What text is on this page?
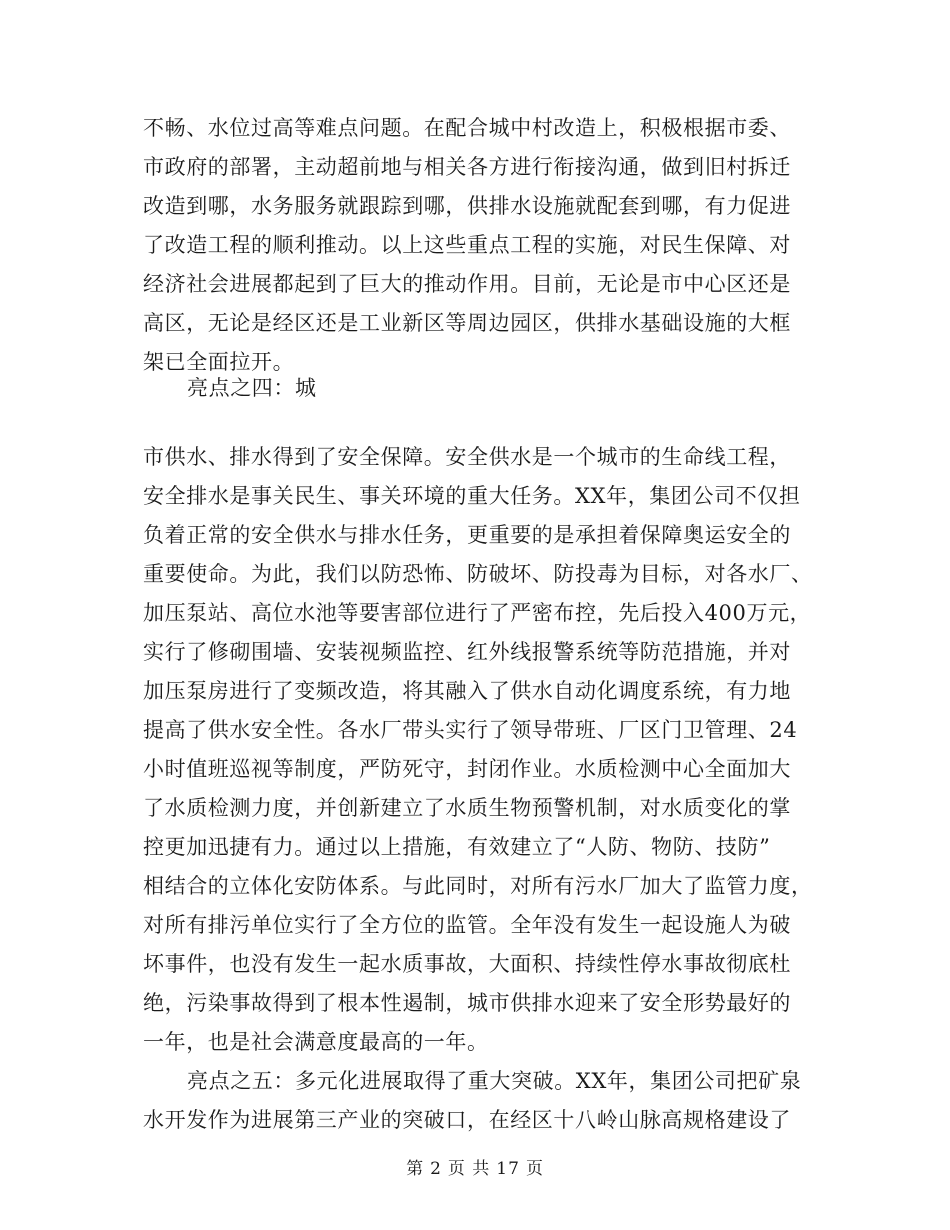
不畅、水位过高等难点问题。在配合城中村改造上，积极根据市委、
市政府的部署，主动超前地与相关各方进行衔接沟通，做到旧村拆迁
改造到哪，水务服务就跟踪到哪，供排水设施就配套到哪，有力促进
了改造工程的顺利推动。以上这些重点工程的实施，对民生保障、对
经济社会进展都起到了巨大的推动作用。目前，无论是市中心区还是
高区，无论是经区还是工业新区等周边园区，供排水基础设施的大框
架已全面拉开。
亮点之四：城
市供水、排水得到了安全保障。安全供水是一个城市的生命线工程，
安全排水是事关民生、事关环境的重大任务。XX年，集团公司不仅担
负着正常的安全供水与排水任务，更重要的是承担着保障奥运安全的
重要使命。为此，我们以防恐怖、防破坏、防投毒为目标，对各水厂、
加压泵站、高位水池等要害部位进行了严密布控，先后投入400万元，
实行了修砌围墙、安装视频监控、红外线报警系统等防范措施，并对
加压泵房进行了变频改造，将其融入了供水自动化调度系统，有力地
提高了供水安全性。各水厂带头实行了领导带班、厂区门卫管理、24
小时值班巡视等制度，严防死守，封闭作业。水质检测中心全面加大
了水质检测力度，并创新建立了水质生物预警机制，对水质变化的掌
控更加迅捷有力。通过以上措施，有效建立了“人防、物防、技防”
相结合的立体化安防体系。与此同时，对所有污水厂加大了监管力度，
对所有排污单位实行了全方位的监管。全年没有发生一起设施人为破
坏事件，也没有发生一起水质事故，大面积、持续性停水事故彻底杜
绝，污染事故得到了根本性遏制，城市供排水迎来了安全形势最好的
一年，也是社会满意度最高的一年。
亮点之五：多元化进展取得了重大突破。XX年，集团公司把矿泉
水开发作为进展第三产业的突破口，在经区十八岭山脉高规格建设了
第 2 页 共 17 页
